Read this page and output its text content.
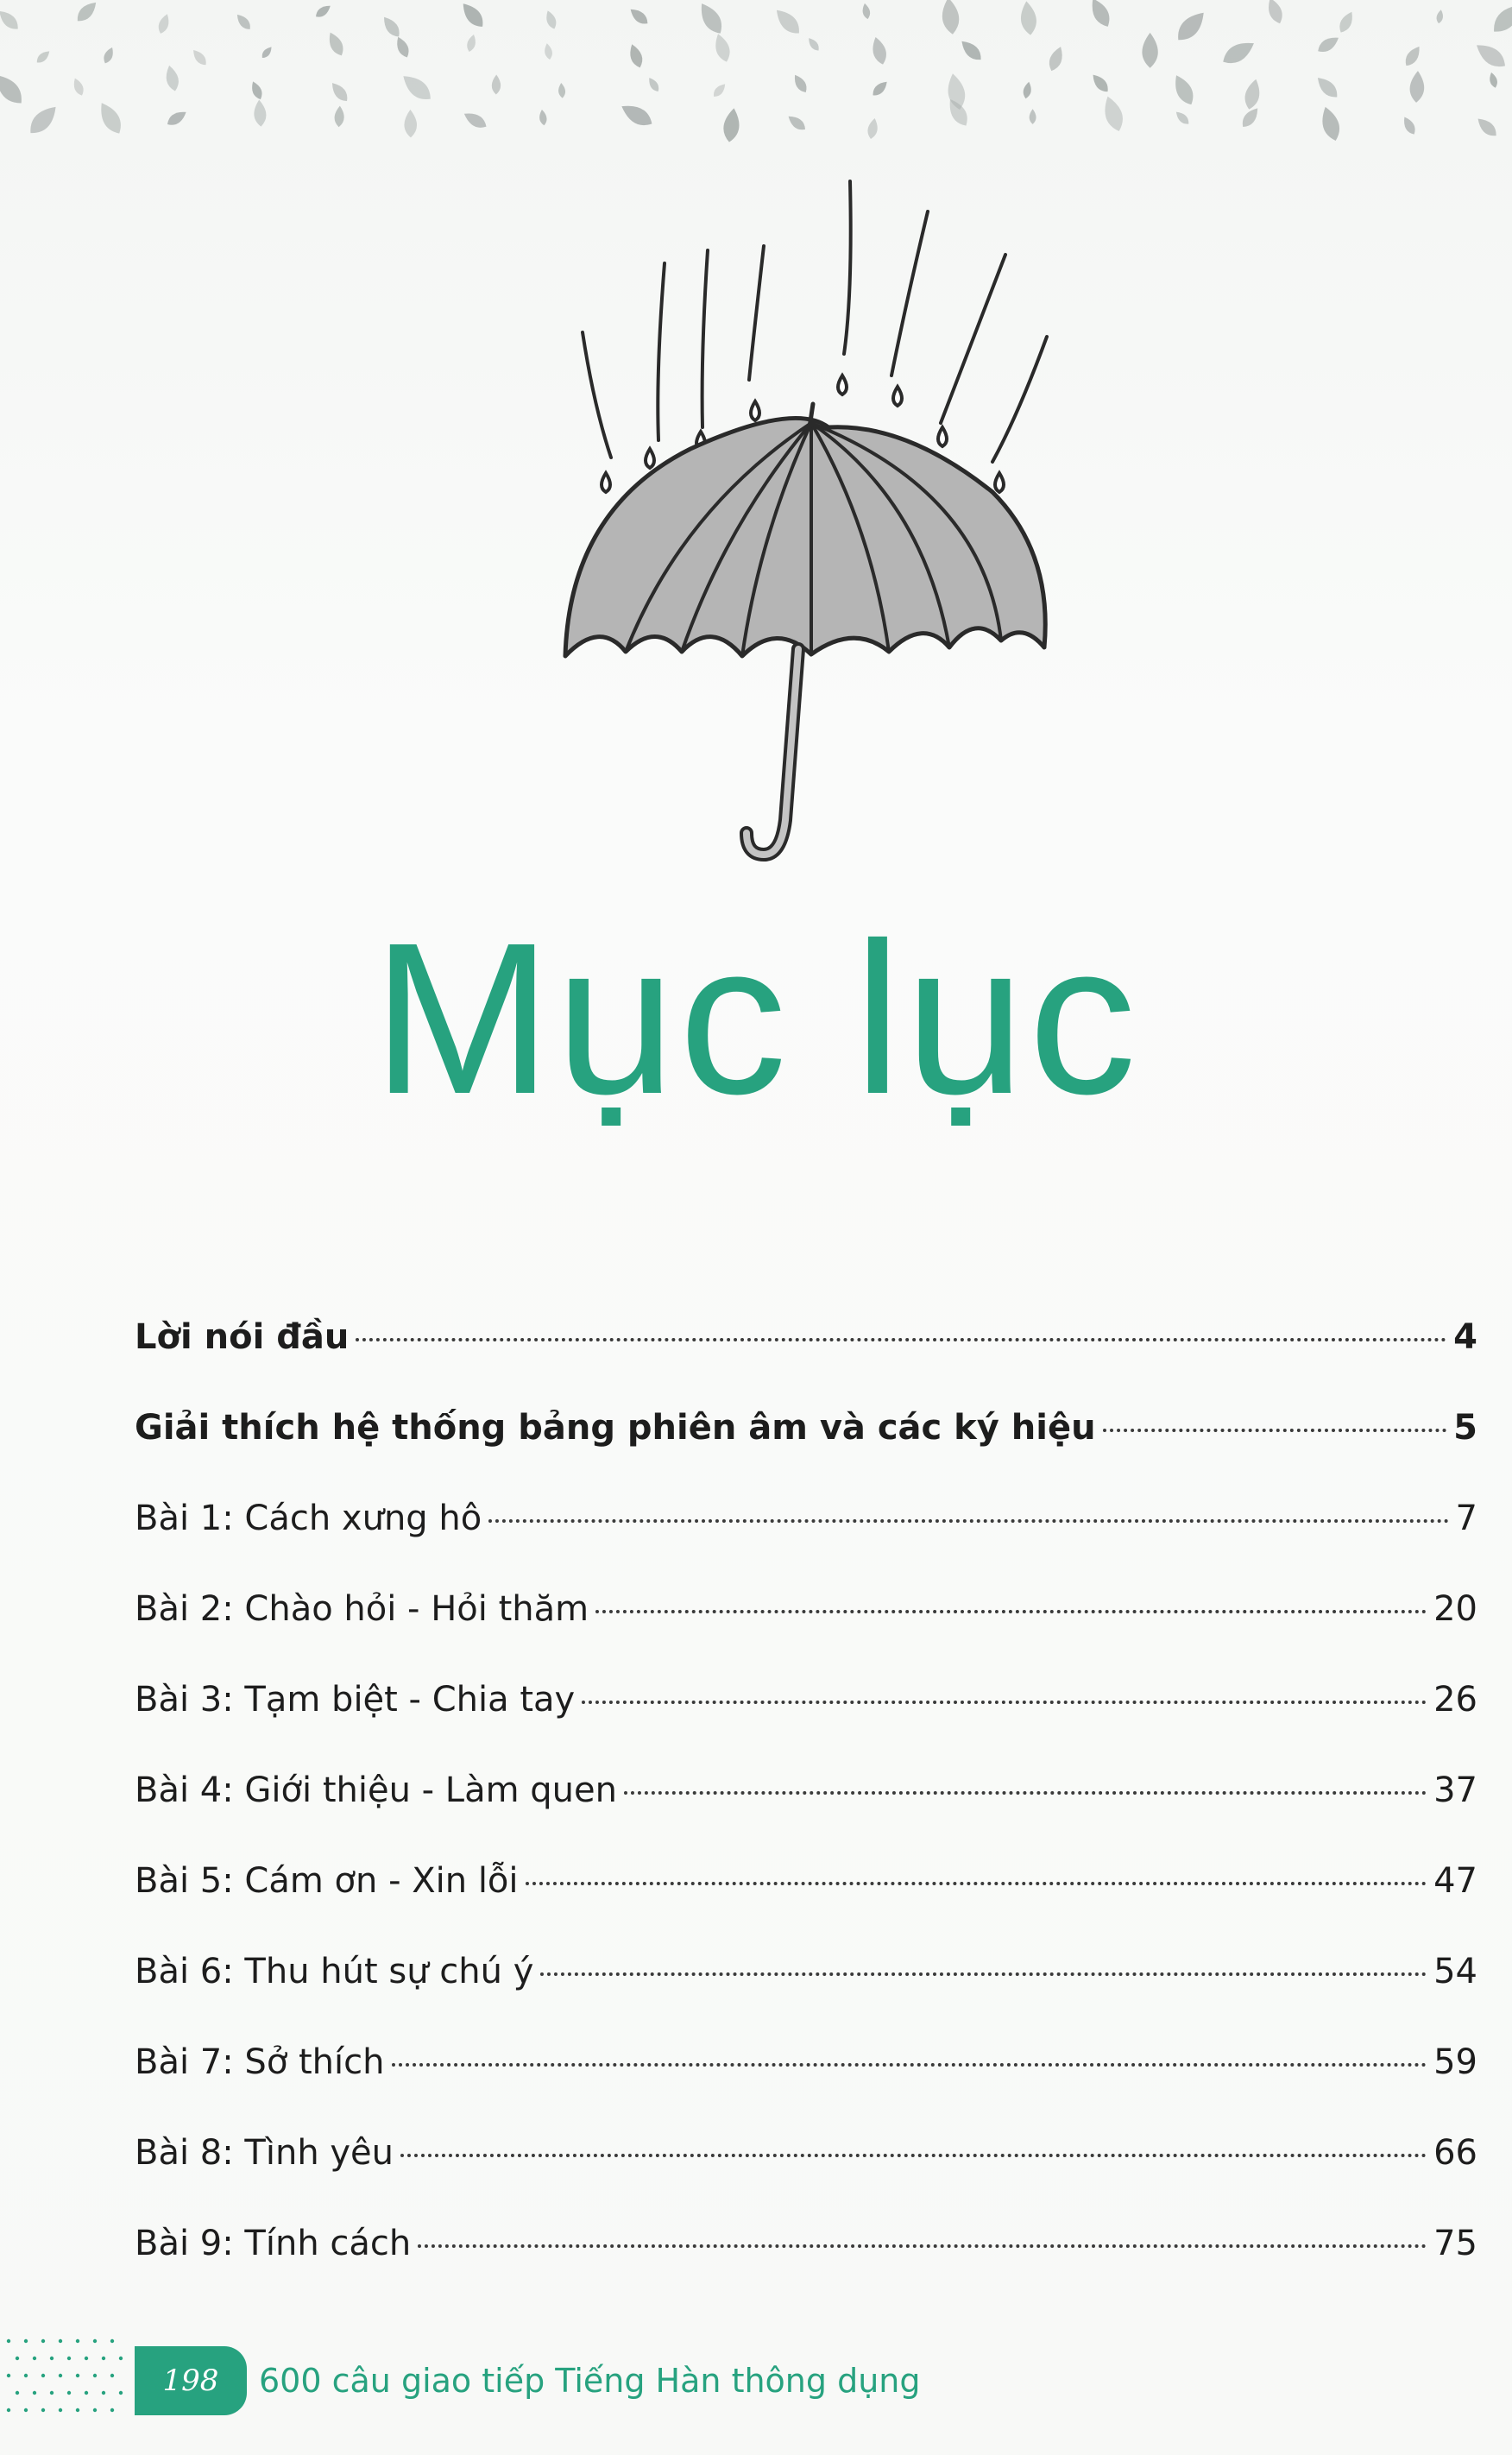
Mục lục
Lời nói đầu	4
Giải thích hệ thống bảng phiên âm và các ký hiệu	5
Bài 1: Cách xưng hô	7
Bài 2: Chào hỏi - Hỏi thăm	20
Bài 3: Tạm biệt - Chia tay	26
Bài 4: Giới thiệu - Làm quen	37
Bài 5: Cám ơn - Xin lỗi	47
Bài 6: Thu hút sự chú ý	54
Bài 7: Sở thích	59
Bài 8: Tình yêu	66
Bài 9: Tính cách	75
198	600 câu giao tiếp Tiếng Hàn thông dụng
